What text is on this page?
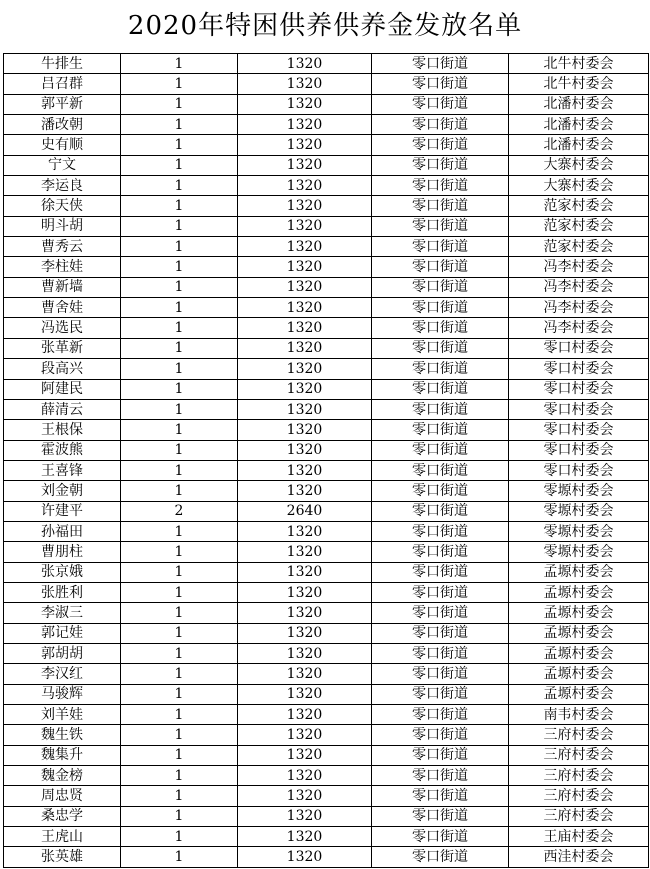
2020年特困供养供养金发放名单
牛排生	1	1320	零口街道	北牛村委会
吕召群	1	1320	零口街道	北牛村委会
郭平新	1	1320	零口街道	北潘村委会
潘改朝	1	1320	零口街道	北潘村委会
史有顺	1	1320	零口街道	北潘村委会
宁文	1	1320	零口街道	大寨村委会
李运良	1	1320	零口街道	大寨村委会
徐天侠	1	1320	零口街道	范家村委会
明斗胡	1	1320	零口街道	范家村委会
曹秀云	1	1320	零口街道	范家村委会
李柱娃	1	1320	零口街道	冯李村委会
曹新墙	1	1320	零口街道	冯李村委会
曹舍娃	1	1320	零口街道	冯李村委会
冯选民	1	1320	零口街道	冯李村委会
张革新	1	1320	零口街道	零口村委会
段高兴	1	1320	零口街道	零口村委会
阿建民	1	1320	零口街道	零口村委会
薛清云	1	1320	零口街道	零口村委会
王根保	1	1320	零口街道	零口村委会
霍波熊	1	1320	零口街道	零口村委会
王喜锋	1	1320	零口街道	零口村委会
刘金朝	1	1320	零口街道	零塬村委会
许建平	2	2640	零口街道	零塬村委会
孙福田	1	1320	零口街道	零塬村委会
曹朋柱	1	1320	零口街道	零塬村委会
张京娥	1	1320	零口街道	孟塬村委会
张胜利	1	1320	零口街道	孟塬村委会
李淑三	1	1320	零口街道	孟塬村委会
郭记娃	1	1320	零口街道	孟塬村委会
郭胡胡	1	1320	零口街道	孟塬村委会
李汉红	1	1320	零口街道	孟塬村委会
马骏辉	1	1320	零口街道	孟塬村委会
刘羊娃	1	1320	零口街道	南韦村委会
魏生铁	1	1320	零口街道	三府村委会
魏集升	1	1320	零口街道	三府村委会
魏金榜	1	1320	零口街道	三府村委会
周忠贤	1	1320	零口街道	三府村委会
桑忠学	1	1320	零口街道	三府村委会
王虎山	1	1320	零口街道	王庙村委会
张英雄	1	1320	零口街道	西洼村委会
